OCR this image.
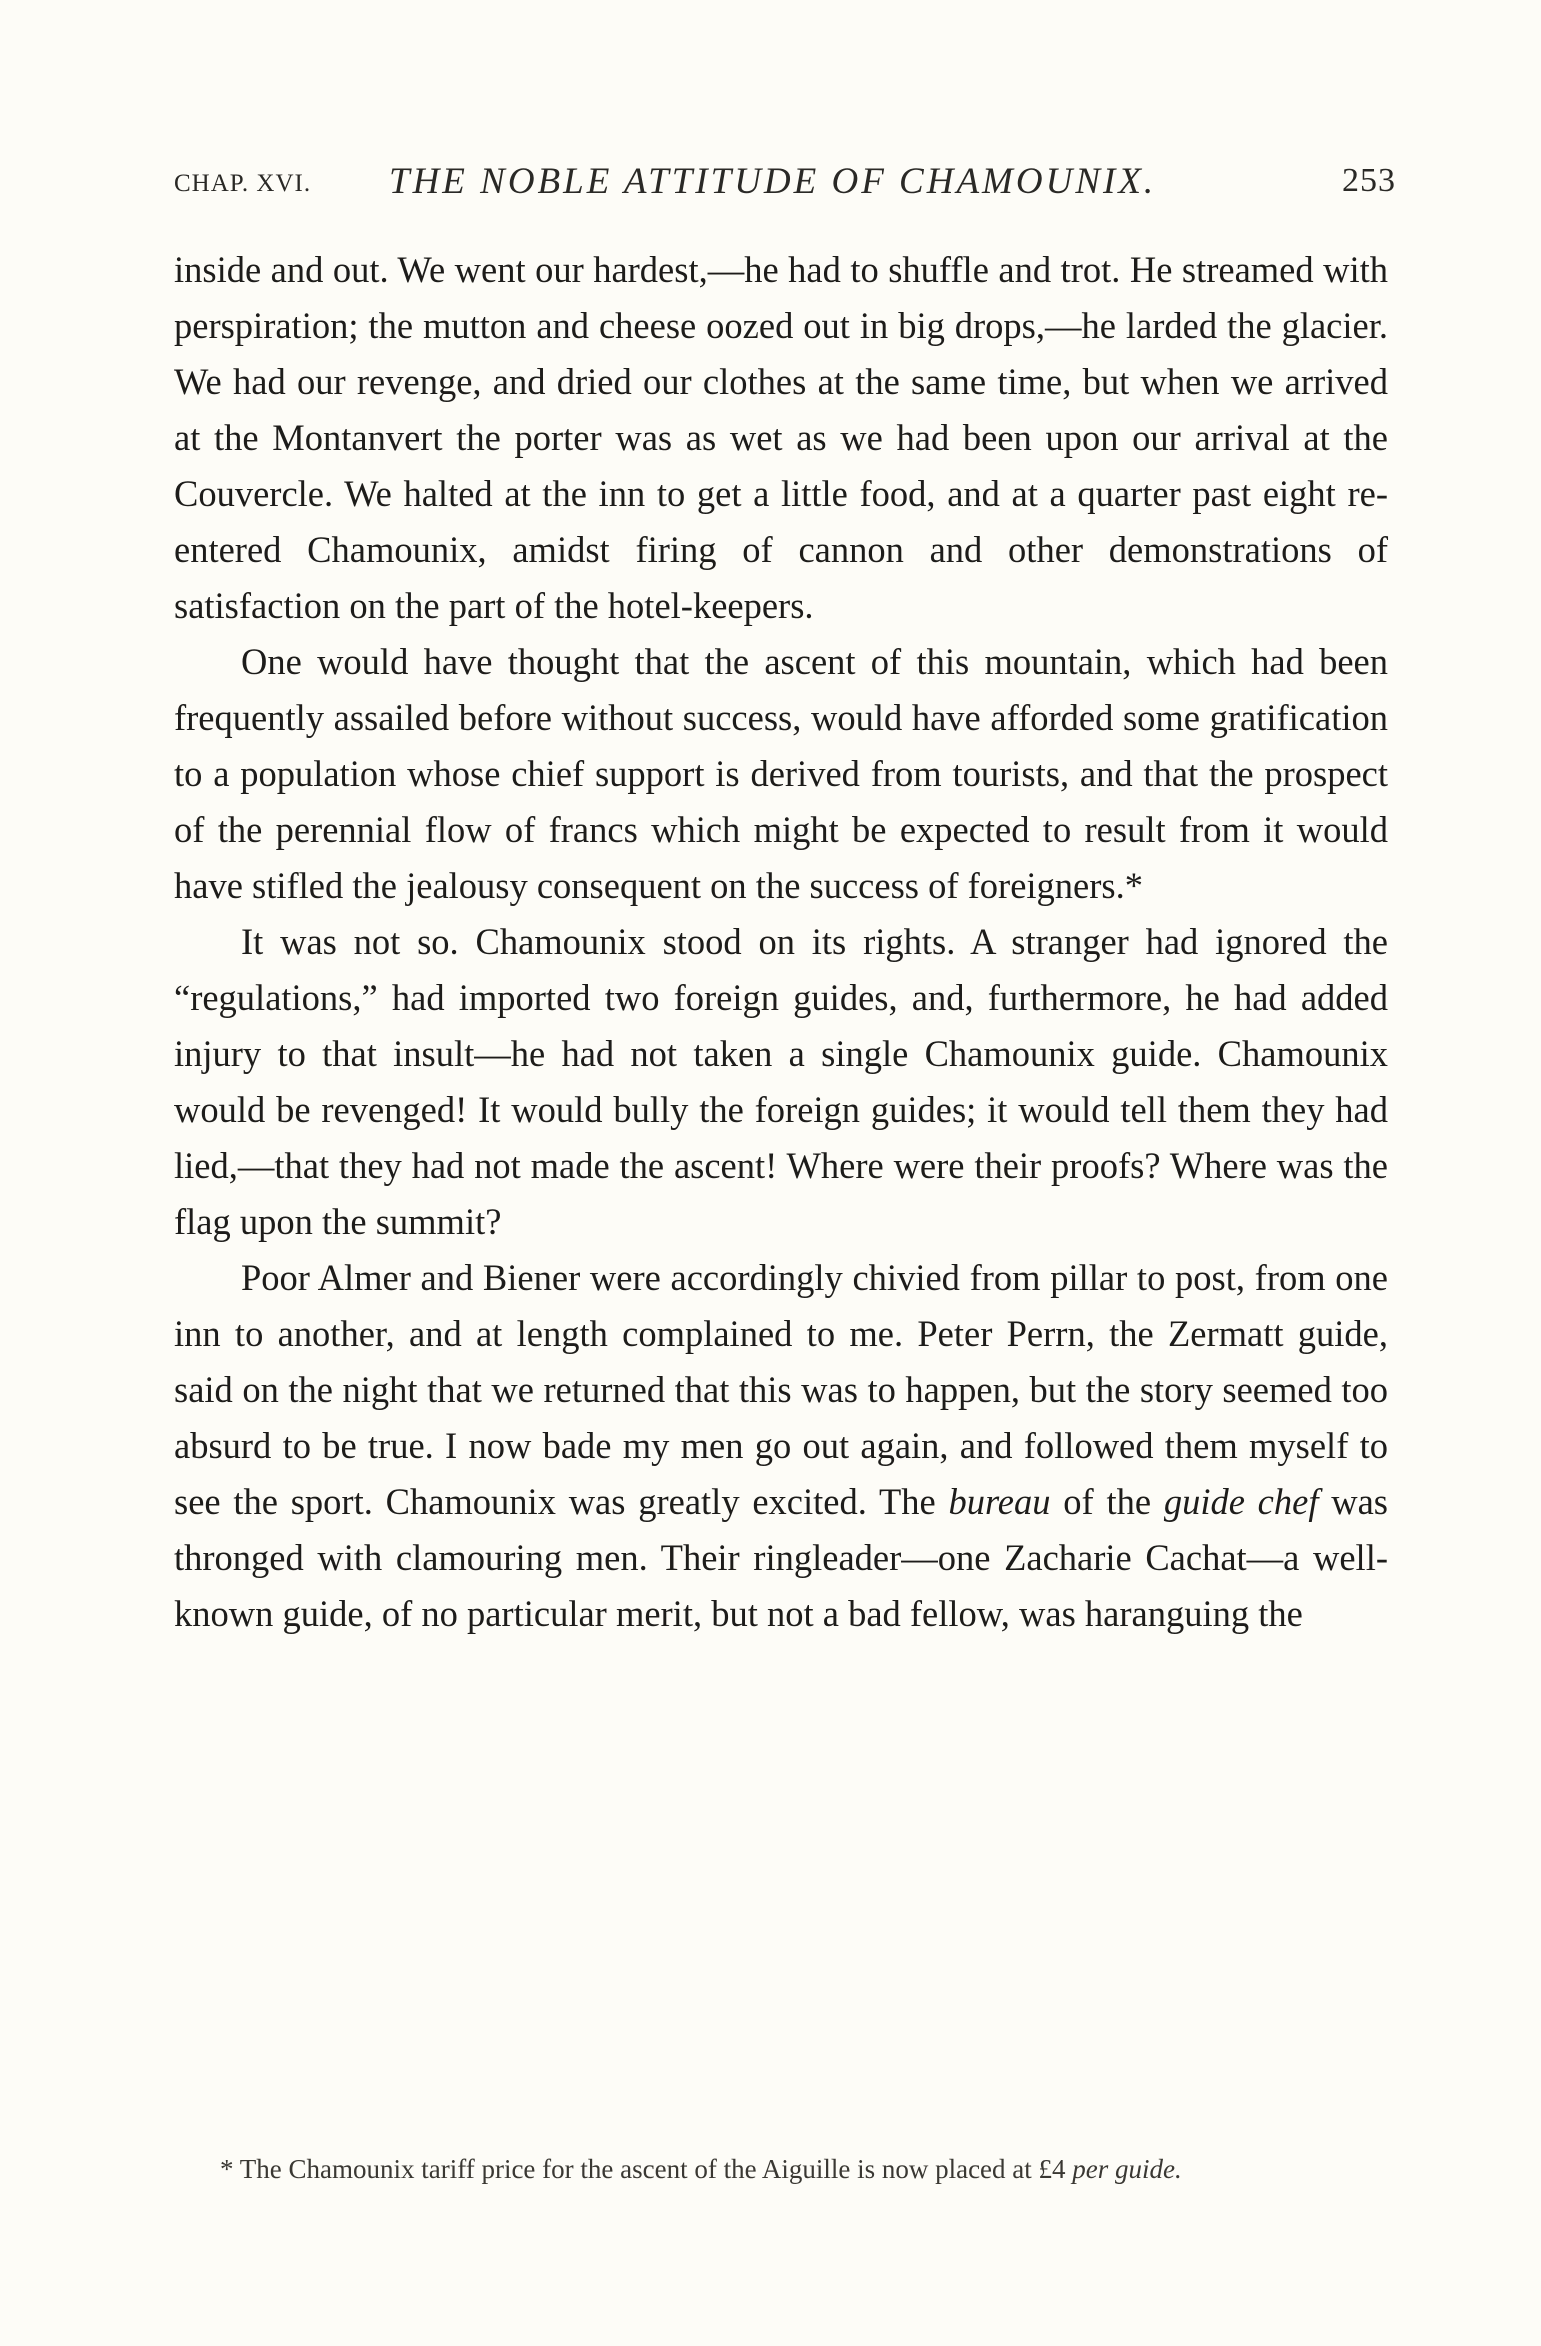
CHAP. XVI. THE NOBLE ATTITUDE OF CHAMOUNIX.	253

inside and out. We went our hardest,—he had to shuffle and trot. He streamed with perspiration; the mutton and cheese oozed out in big drops,—he larded the glacier. We had our revenge, and dried our clothes at the same time, but when we arrived at the Montanvert the porter was as wet as we had been upon our arrival at the Couvercle. We halted at the inn to get a little food, and at a quarter past eight re-entered Chamounix, amidst firing of cannon and other demonstrations of satisfaction on the part of the hotel-keepers.

One would have thought that the ascent of this mountain, which had been frequently assailed before without success, would have afforded some gratification to a population whose chief support is derived from tourists, and that the prospect of the perennial flow of francs which might be expected to result from it would have stifled the jealousy consequent on the success of foreigners.*

It was not so. Chamounix stood on its rights. A stranger had ignored the “regulations,” had imported two foreign guides, and, furthermore, he had added injury to that insult—he had not taken a single Chamounix guide. Chamounix would be revenged! It would bully the foreign guides; it would tell them they had lied,—that they had not made the ascent! Where were their proofs? Where was the flag upon the summit?

Poor Almer and Biener were accordingly chivied from pillar to post, from one inn to another, and at length complained to me. Peter Perrn, the Zermatt guide, said on the night that we returned that this was to happen, but the story seemed too absurd to be true. I now bade my men go out again, and followed them myself to see the sport. Chamounix was greatly excited. The bureau of the guide chef was thronged with clamouring men. Their ringleader—one Zacharie Cachat—a well-known guide, of no particular merit, but not a bad fellow, was haranguing the

* The Chamounix tariff price for the ascent of the Aiguille is now placed at £4 per guide.
